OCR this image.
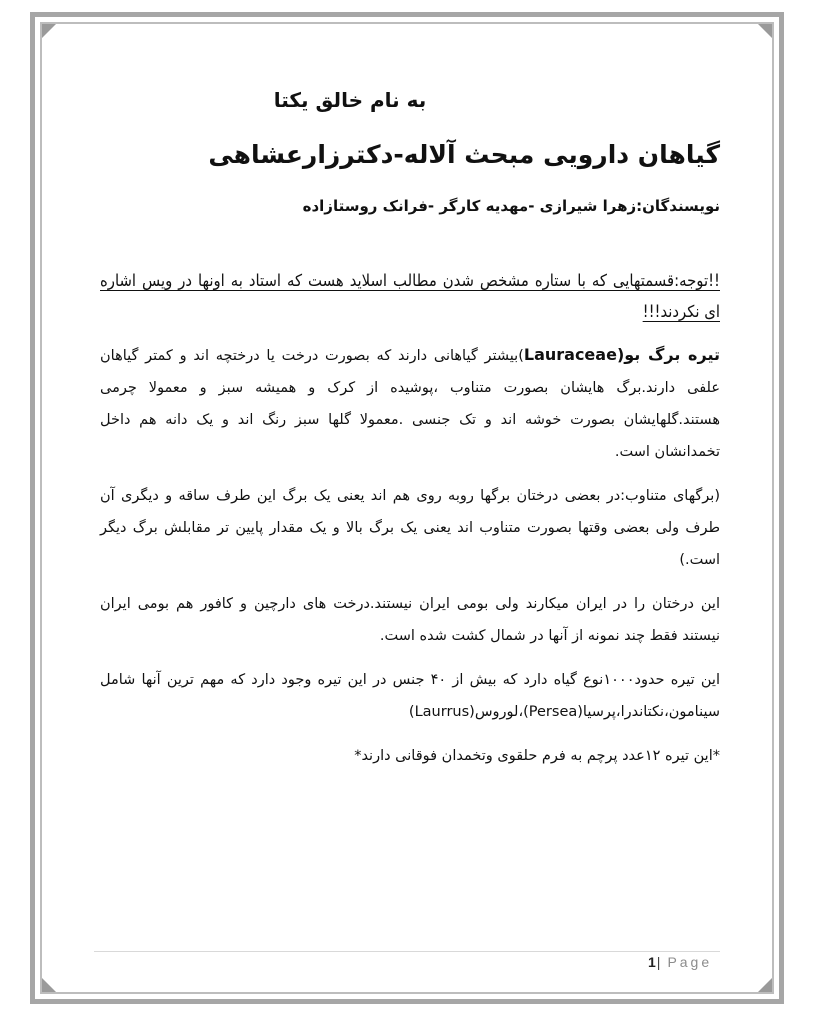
به نام خالق یکتا
گیاهان دارویی مبحث آلاله-دکترزارعشاهی
نویسندگان:زهرا شیرازی -مهدیه کارگر -فرانک روستازاده
!!توجه:قسمتهایی که با ستاره مشخص شدن مطالب اسلاید هست که استاد به اونها در ویس اشاره ای نکردند!!!
تیره برگ بو(Lauraceae)بیشتر گیاهانی دارند که بصورت درخت یا درختچه اند و کمتر گیاهان علفی دارند.برگ هایشان بصورت متناوب ،پوشیده از کرک و همیشه سبز و معمولا چرمی هستند.گلهایشان بصورت خوشه اند و تک جنسی .معمولا گلها سبز رنگ اند و یک دانه هم داخل تخمدانشان است.
(برگهای متناوب:در بعضی درختان برگها روبه روی هم اند یعنی یک برگ این طرف ساقه و دیگری آن طرف ولی بعضی وقتها بصورت متناوب اند یعنی یک برگ بالا و یک مقدار پایین تر مقابلش برگ دیگر است.)
این درختان را در ایران میکارند ولی بومی ایران نیستند.درخت های دارچین و کافور هم بومی ایران نیستند فقط چند نمونه از آنها در شمال کشت شده است.
این تیره حدود۱۰۰۰نوع گیاه دارد که بیش از ۴۰ جنس در این تیره وجود دارد که مهم ترین آنها شامل سینامون،نکتاندرا،پرسیا(Persea)،لوروس(Laurrus)
*این تیره ۱۲عدد پرچم به فرم حلقوی وتخمدان فوقانی دارند*
1| Page
